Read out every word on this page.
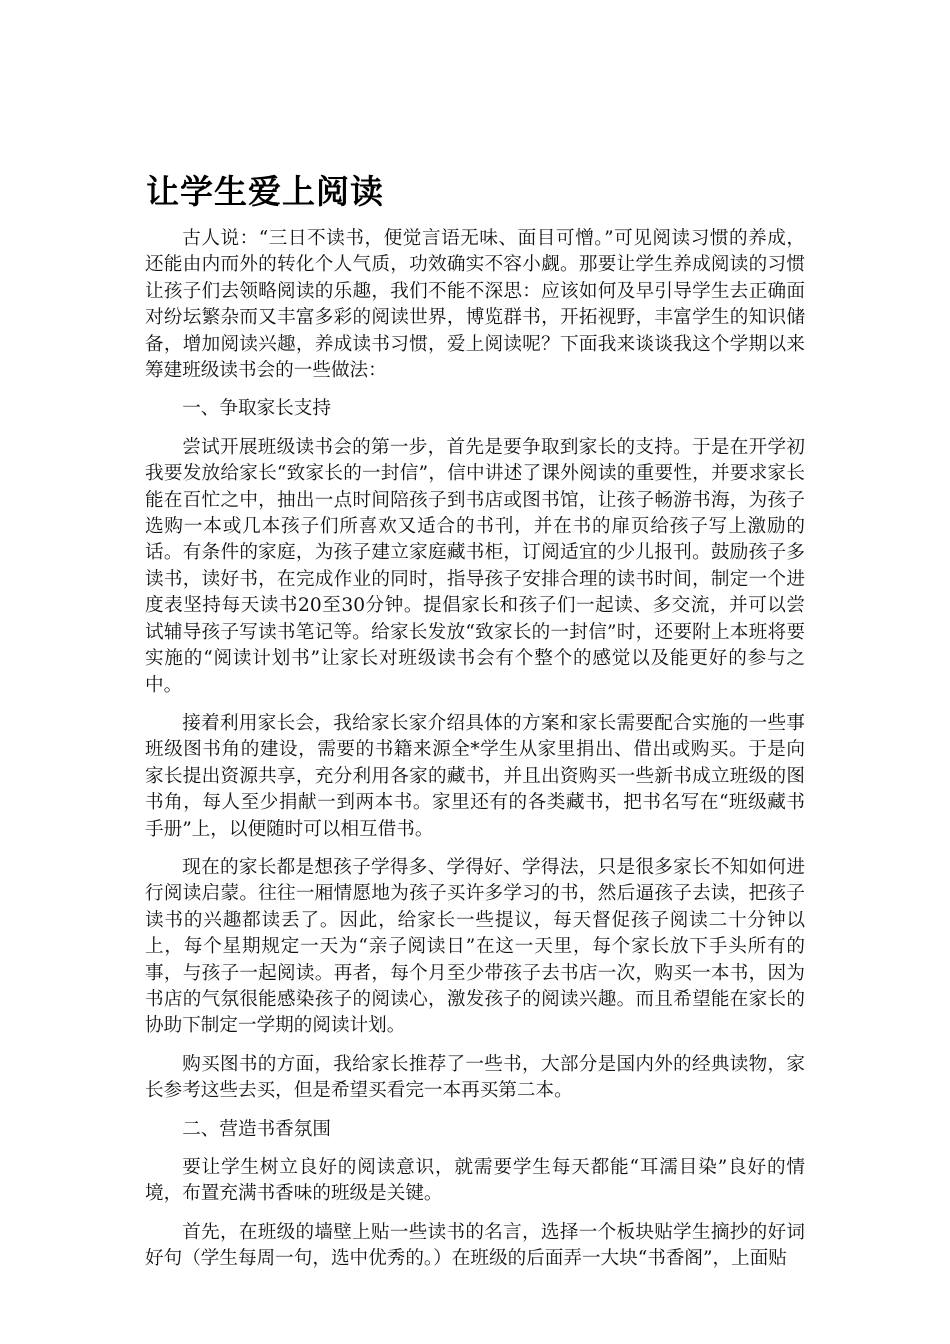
让学生爱上阅读

古人说：“三日不读书，便觉言语无味、面目可憎。”可见阅读习惯的养成，还能由内而外的转化个人气质，功效确实不容小觑。那要让学生养成阅读的习惯让孩子们去领略阅读的乐趣，我们不能不深思：应该如何及早引导学生去正确面对纷坛繁杂而又丰富多彩的阅读世界，博览群书，开拓视野，丰富学生的知识储备，增加阅读兴趣，养成读书习惯，爱上阅读呢？下面我来谈谈我这个学期以来筹建班级读书会的一些做法：

一、争取家长支持

尝试开展班级读书会的第一步，首先是要争取到家长的支持。于是在开学初我要发放给家长“致家长的一封信”，信中讲述了课外阅读的重要性，并要求家长能在百忙之中，抽出一点时间陪孩子到书店或图书馆，让孩子畅游书海，为孩子选购一本或几本孩子们所喜欢又适合的书刊，并在书的扉页给孩子写上激励的话。有条件的家庭，为孩子建立家庭藏书柜，订阅适宜的少儿报刊。鼓励孩子多读书，读好书，在完成作业的同时，指导孩子安排合理的读书时间，制定一个进度表坚持每天读书20至30分钟。提倡家长和孩子们一起读、多交流，并可以尝试辅导孩子写读书笔记等。给家长发放“致家长的一封信”时，还要附上本班将要实施的“阅读计划书”让家长对班级读书会有个整个的感觉以及能更好的参与之中。

接着利用家长会，我给家长家介绍具体的方案和家长需要配合实施的一些事班级图书角的建设，需要的书籍来源全*学生从家里捐出、借出或购买。于是向家长提出资源共享，充分利用各家的藏书，并且出资购买一些新书成立班级的图书角，每人至少捐献一到两本书。家里还有的各类藏书，把书名写在“班级藏书手册”上，以便随时可以相互借书。

现在的家长都是想孩子学得多、学得好、学得法，只是很多家长不知如何进行阅读启蒙。往往一厢情愿地为孩子买许多学习的书，然后逼孩子去读，把孩子读书的兴趣都读丢了。因此，给家长一些提议，每天督促孩子阅读二十分钟以上，每个星期规定一天为“亲子阅读日”在这一天里，每个家长放下手头所有的事，与孩子一起阅读。再者，每个月至少带孩子去书店一次，购买一本书，因为书店的气氛很能感染孩子的阅读心，激发孩子的阅读兴趣。而且希望能在家长的协助下制定一学期的阅读计划。

购买图书的方面，我给家长推荐了一些书，大部分是国内外的经典读物，家长参考这些去买，但是希望买看完一本再买第二本。

二、营造书香氛围

要让学生树立良好的阅读意识，就需要学生每天都能“耳濡目染”良好的情境，布置充满书香味的班级是关键。

首先，在班级的墙壁上贴一些读书的名言，选择一个板块贴学生摘抄的好词好句（学生每周一句，选中优秀的。）在班级的后面弄一大块“书香阁”，上面贴
